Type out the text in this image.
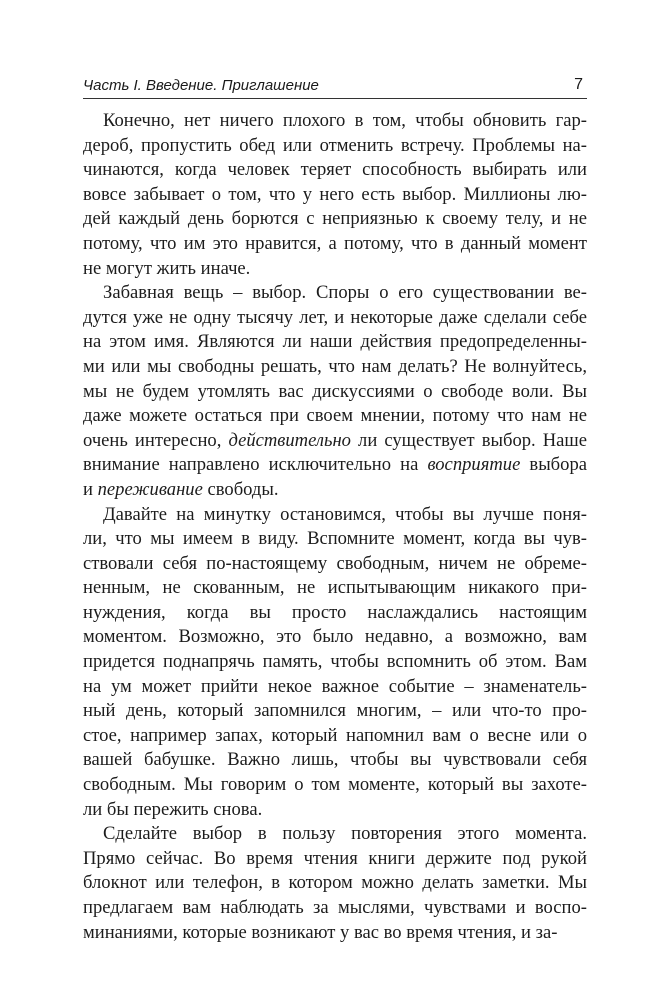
Часть I. Введение. Приглашение	7
Конечно, нет ничего плохого в том, чтобы обновить гар-
дероб, пропустить обед или отменить встречу. Проблемы на-
чинаются, когда человек теряет способность выбирать или
вовсе забывает о том, что у него есть выбор. Миллионы лю-
дей каждый день борются с неприязнью к своему телу, и не
потому, что им это нравится, а потому, что в данный момент
не могут жить иначе.
Забавная вещь – выбор. Споры о его существовании ве-
дутся уже не одну тысячу лет, и некоторые даже сделали себе
на этом имя. Являются ли наши действия предопределенны-
ми или мы свободны решать, что нам делать? Не волнуйтесь,
мы не будем утомлять вас дискуссиями о свободе воли. Вы
даже можете остаться при своем мнении, потому что нам не
очень интересно, действительно ли существует выбор. Наше
внимание направлено исключительно на восприятие выбора
и переживание свободы.
Давайте на минутку остановимся, чтобы вы лучше поня-
ли, что мы имеем в виду. Вспомните момент, когда вы чув-
ствовали себя по-настоящему свободным, ничем не обреме-
ненным, не скованным, не испытывающим никакого при-
нуждения, когда вы просто наслаждались настоящим
моментом. Возможно, это было недавно, а возможно, вам
придется поднапрячь память, чтобы вспомнить об этом. Вам
на ум может прийти некое важное событие – знаменатель-
ный день, который запомнился многим, – или что-то про-
стое, например запах, который напомнил вам о весне или о
вашей бабушке. Важно лишь, чтобы вы чувствовали себя
свободным. Мы говорим о том моменте, который вы захоте-
ли бы пережить снова.
Сделайте выбор в пользу повторения этого момента.
Прямо сейчас. Во время чтения книги держите под рукой
блокнот или телефон, в котором можно делать заметки. Мы
предлагаем вам наблюдать за мыслями, чувствами и воспо-
минаниями, которые возникают у вас во время чтения, и за-
